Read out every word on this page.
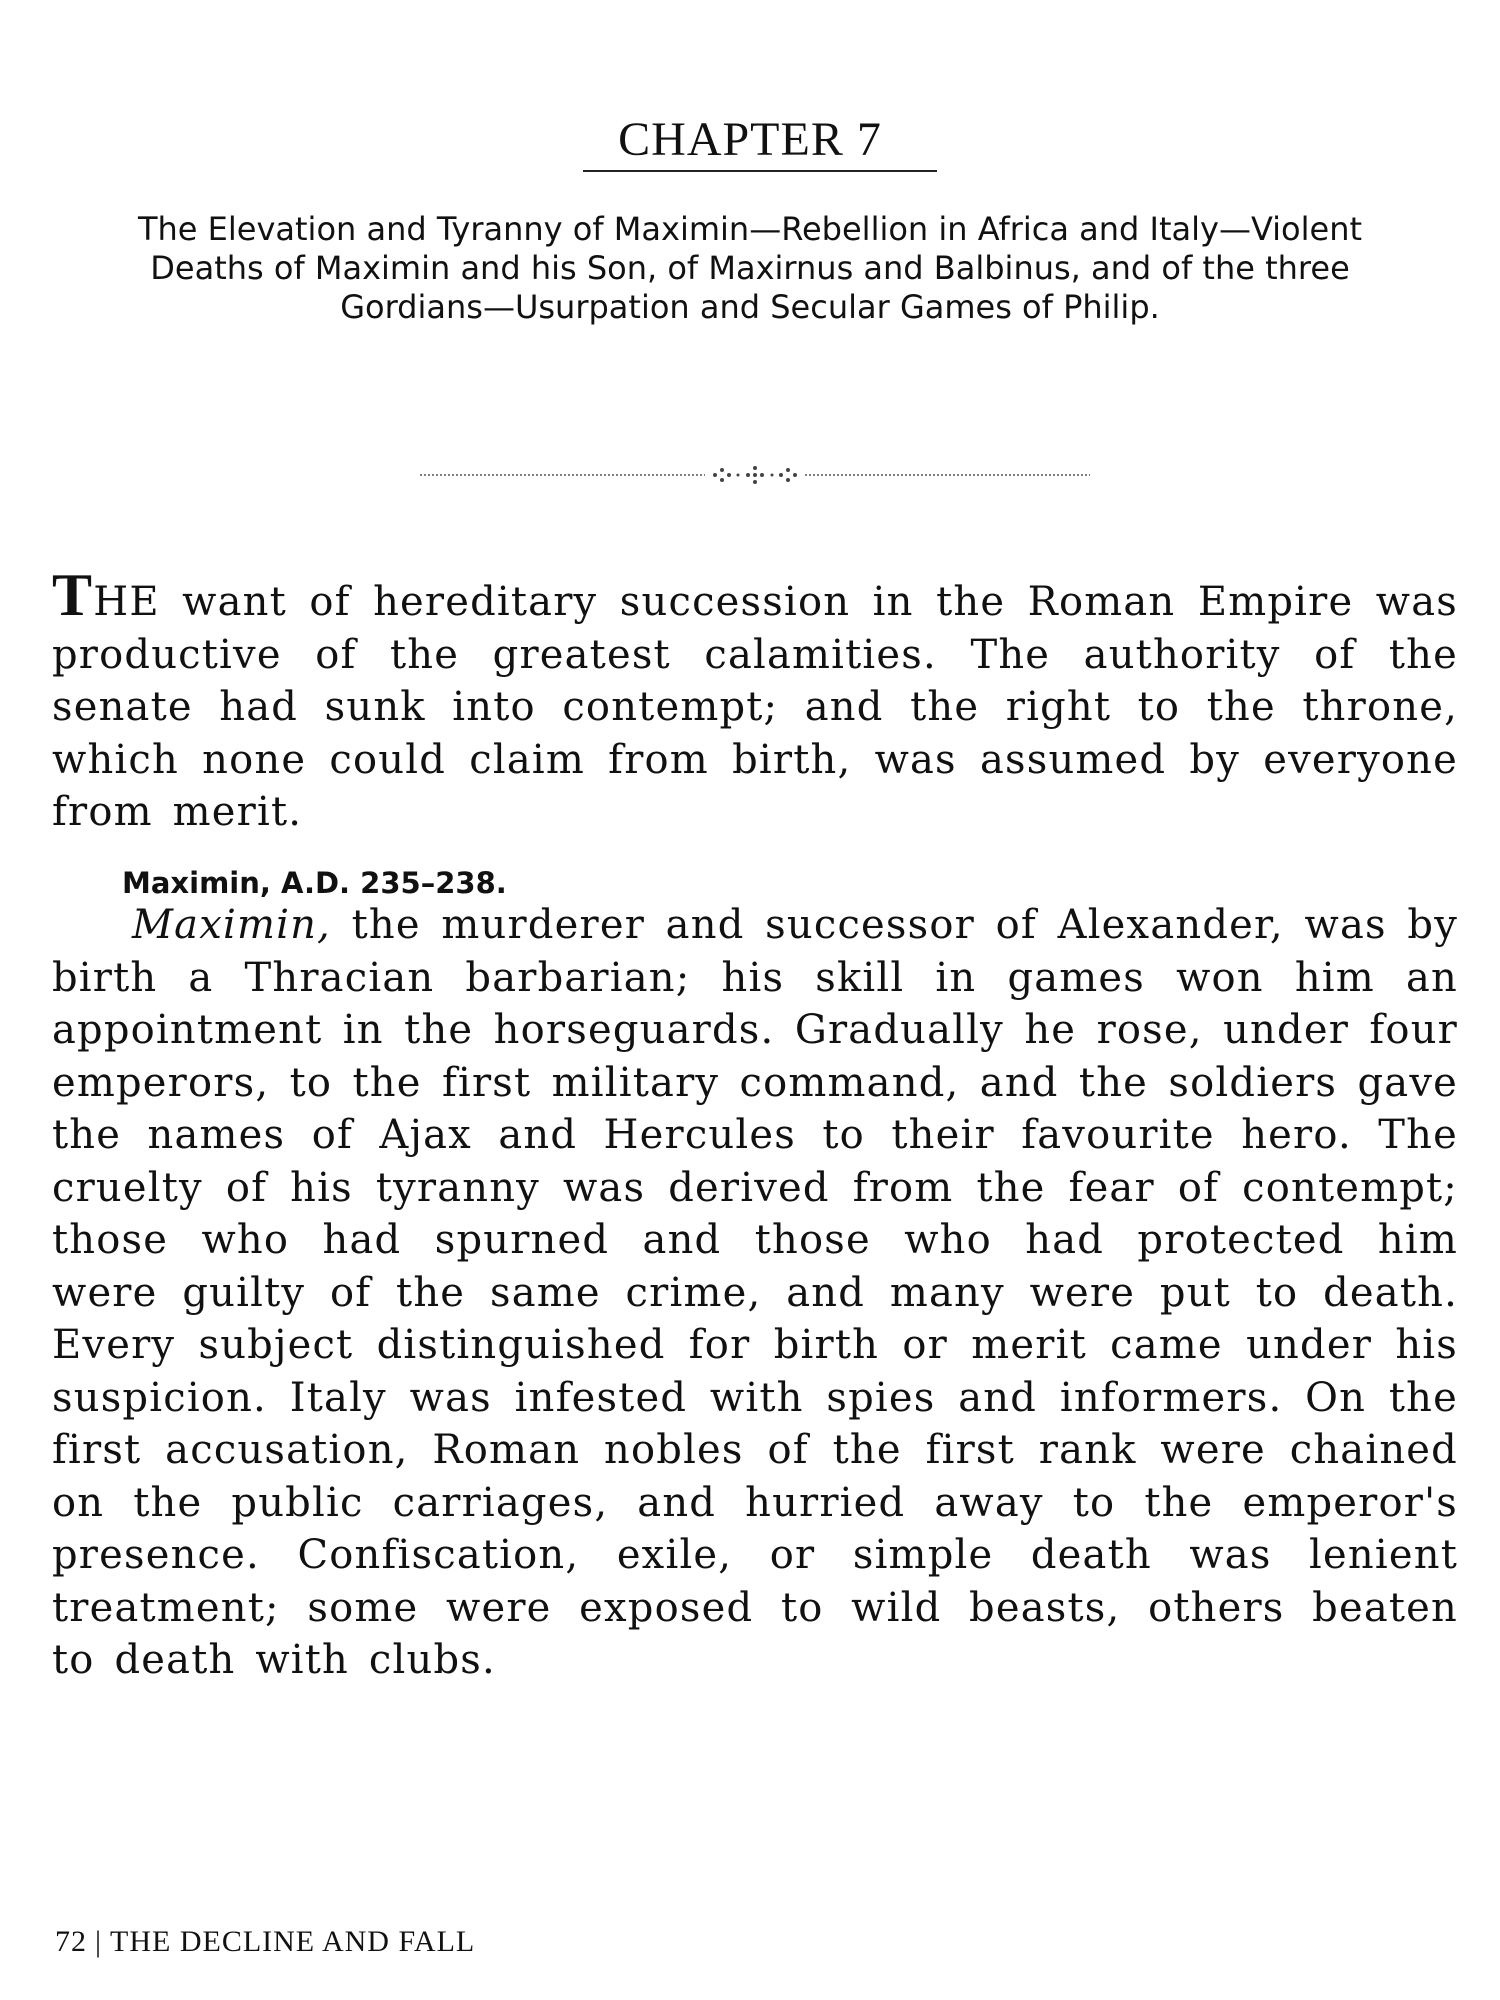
CHAPTER 7

The Elevation and Tyranny of Maximin—Rebellion in Africa and Italy—Violent Deaths of Maximin and his Son, of Maxirnus and Balbinus, and of the three Gordians—Usurpation and Secular Games of Philip.

THE want of hereditary succession in the Roman Empire was productive of the greatest calamities. The authority of the senate had sunk into contempt; and the right to the throne, which none could claim from birth, was assumed by everyone from merit.

Maximin, A.D. 235–238.

Maximin, the murderer and successor of Alexander, was by birth a Thracian barbarian; his skill in games won him an appointment in the horseguards. Gradually he rose, under four emperors, to the first military command, and the soldiers gave the names of Ajax and Hercules to their favourite hero. The cruelty of his tyranny was derived from the fear of contempt; those who had spurned and those who had protected him were guilty of the same crime, and many were put to death. Every subject distinguished for birth or merit came under his suspicion. Italy was infested with spies and informers. On the first accusation, Roman nobles of the first rank were chained on the public carriages, and hurried away to the emperor's presence. Confiscation, exile, or simple death was lenient treatment; some were exposed to wild beasts, others beaten to death with clubs.

72 | THE DECLINE AND FALL
